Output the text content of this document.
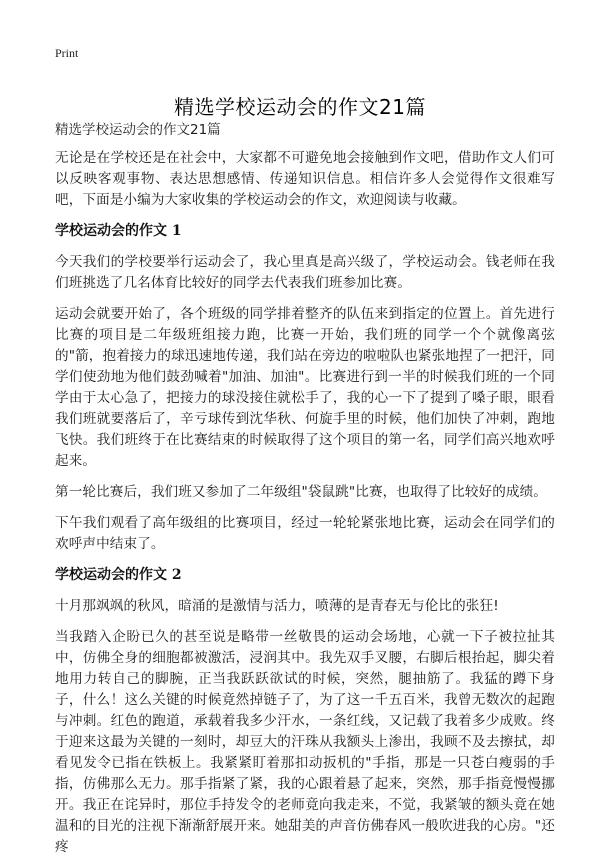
Print
精选学校运动会的作文21篇
精选学校运动会的作文21篇

无论是在学校还是在社会中，大家都不可避免地会接触到作文吧，借助作文人们可以反映客观事物、表达思想感情、传递知识信息。相信许多人会觉得作文很难写吧，下面是小编为大家收集的学校运动会的作文，欢迎阅读与收藏。

学校运动会的作文 1

今天我们的学校要举行运动会了，我心里真是高兴级了，学校运动会。钱老师在我们班挑选了几名体育比较好的同学去代表我们班参加比赛。

运动会就要开始了，各个班级的同学排着整齐的队伍来到指定的位置上。首先进行比赛的项目是二年级班组接力跑，比赛一开始，我们班的同学一个个就像离弦的"箭，抱着接力的球迅速地传递，我们站在旁边的啦啦队也紧张地捏了一把汗，同学们使劲地为他们鼓劲喊着"加油、加油"。比赛进行到一半的时候我们班的一个同学由于太心急了，把接力的球没接住就松手了，我的心一下了提到了嗓子眼，眼看我们班就要落后了，辛亏球传到沈华秋、何旋手里的时候，他们加快了冲刺，跑地飞快。我们班终于在比赛结束的时候取得了这个项目的第一名，同学们高兴地欢呼起来。

第一轮比赛后，我们班又参加了二年级组"袋鼠跳"比赛，也取得了比较好的成绩。

下午我们观看了高年级组的比赛项目，经过一轮轮紧张地比赛，运动会在同学们的欢呼声中结束了。

学校运动会的作文 2

十月那飒飒的秋风，暗涌的是激情与活力，喷薄的是青春无与伦比的张狂!

当我踏入企盼已久的甚至说是略带一丝敬畏的运动会场地，心就一下子被拉扯其中，仿佛全身的细胞都被激活，浸润其中。我先双手叉腰，右脚后根抬起，脚尖着地用力转自己的脚腕，正当我跃跃欲试的时候，突然，腿抽筋了。我猛的蹲下身子，什么！这么关键的时候竟然掉链子了，为了这一千五百米，我曾无数次的起跑与冲刺。红色的跑道，承载着我多少汗水，一条红线，又记载了我着多少成败。终于迎来这最为关键的一刻时，却豆大的汗珠从我额头上渗出，我顾不及去擦拭，却看见发令已指在铁板上。我紧紧盯着那扣动扳机的"手指，那是一只苍白瘦弱的手指，仿佛那么无力。那手指紧了紧，我的心跟着悬了起来，突然，那手指竟慢慢挪开。我正在诧异时，那位手持发令的老师竟向我走来，不觉，我紧皱的额头竟在她温和的目光的注视下渐渐舒展开来。她甜美的声音仿佛春风一般吹进我的心房。"还疼
